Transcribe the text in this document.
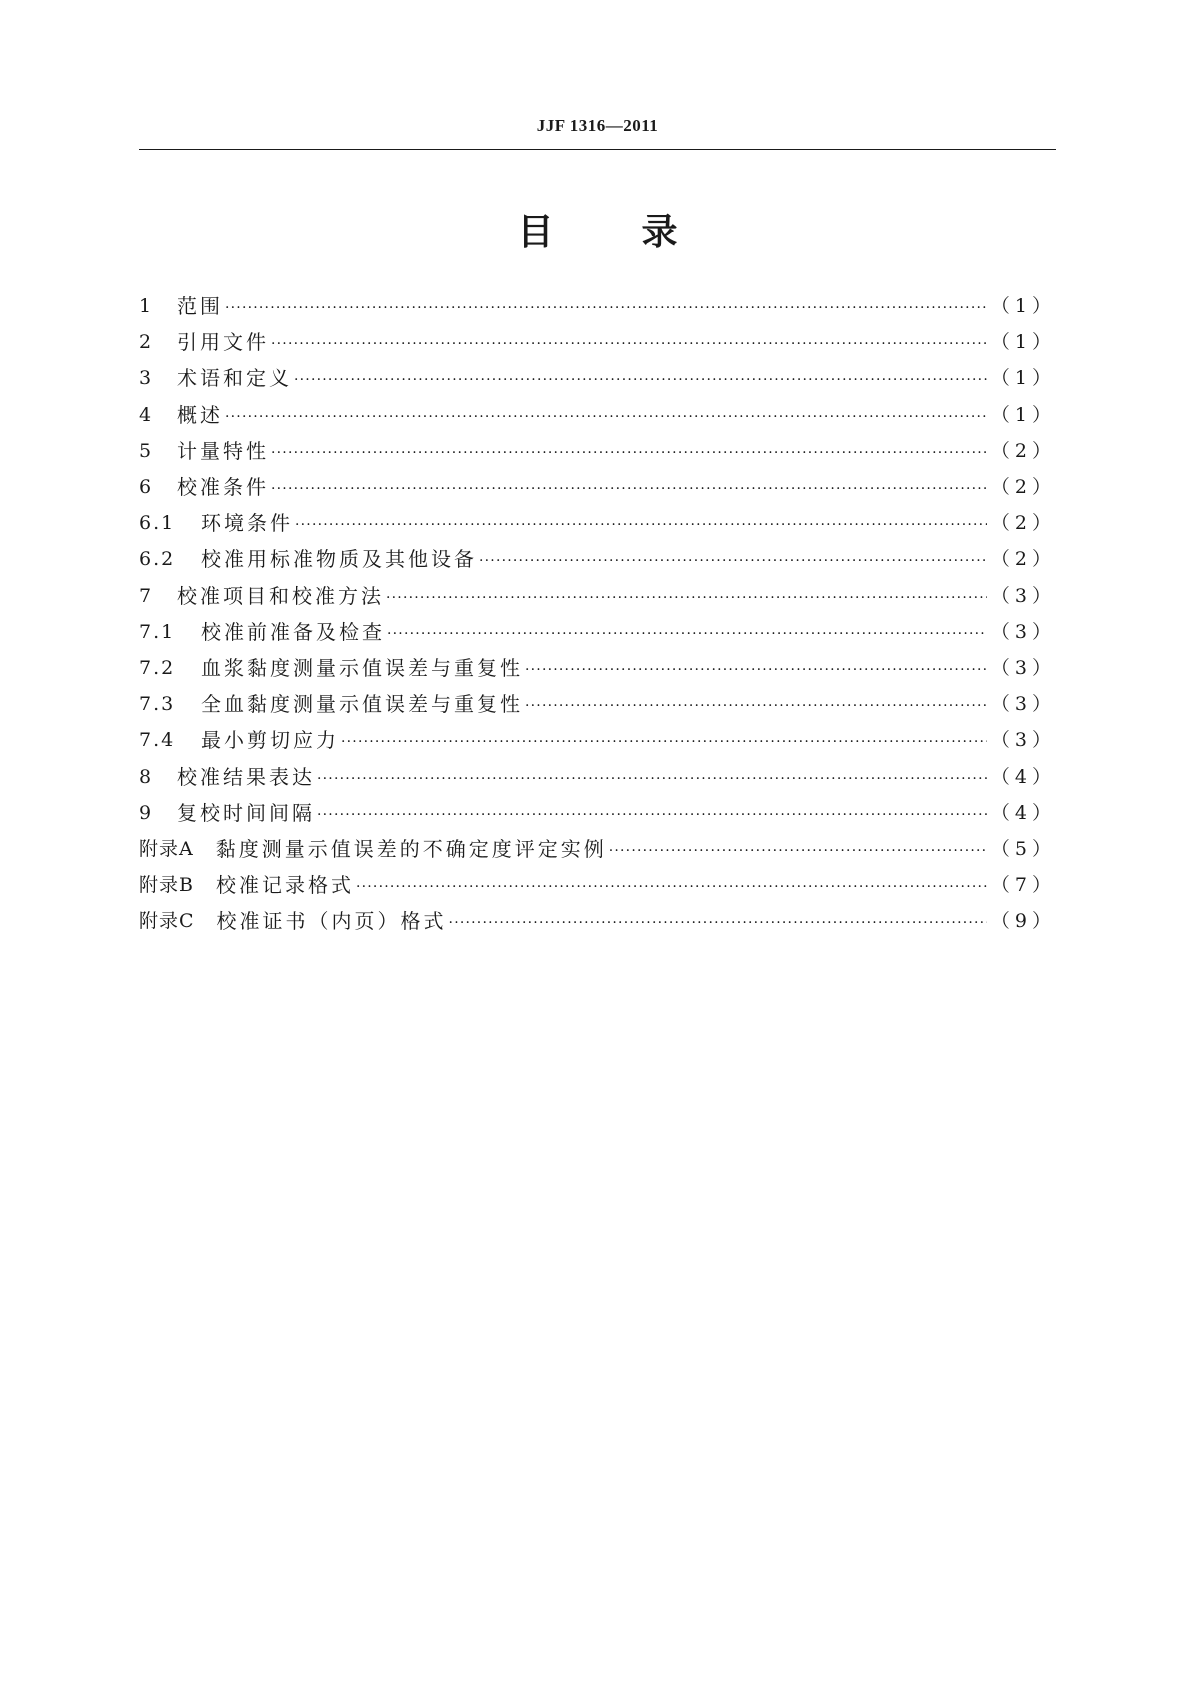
JJF 1316—2011
目 录
1	范围 ·····	（1）
2	引用文件 ·····	（1）
3	术语和定义 ·····	（1）
4	概述 ·····	（1）
5	计量特性 ·····	（2）
6	校准条件 ·····	（2）
6.1	环境条件 ·····	（2）
6.2	校准用标准物质及其他设备 ·····	（2）
7	校准项目和校准方法 ·····	（3）
7.1	校准前准备及检查 ·····	（3）
7.2	血浆黏度测量示值误差与重复性 ·····	（3）
7.3	全血黏度测量示值误差与重复性 ·····	（3）
7.4	最小剪切应力 ·····	（3）
8	校准结果表达 ·····	（4）
9	复校时间间隔 ·····	（4）
附录A 黏度测量示值误差的不确定度评定实例 ·····	（5）
附录B 校准记录格式 ·····	（7）
附录C 校准证书（内页）格式 ·····	（9）
